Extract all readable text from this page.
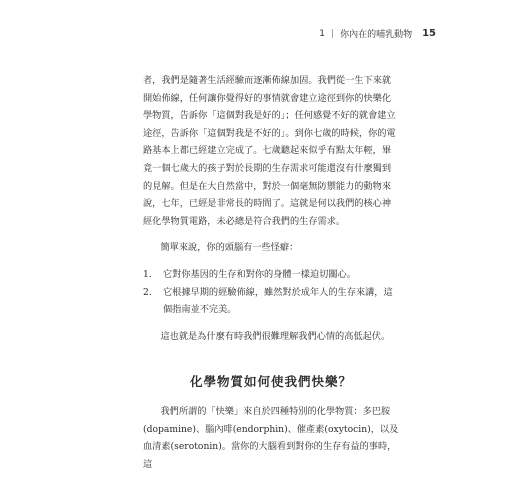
1 | 你內在的哺乳動物 15

者，我們是隨著生活經驗而逐漸佈線加固。我們從一生下來就開始佈線，任何讓你覺得好的事情就會建立途徑到你的快樂化學物質，告訴你「這個對我是好的」；任何感覺不好的就會建立途徑，告訴你「這個對我是不好的」。到你七歲的時候，你的電路基本上都已經建立完成了。七歲聽起來似乎有點太年輕，畢竟一個七歲大的孩子對於長期的生存需求可能還沒有什麼獨到的見解。但是在大自然當中，對於一個毫無防禦能力的動物來說，七年，已經是非常長的時間了。這就是何以我們的核心神經化學物質電路，未必總是符合我們的生存需求。

簡單來說，你的頭腦有一些怪癖：

1.	它對你基因的生存和對你的身體一樣迫切關心。
2.	它根據早期的經驗佈線，雖然對於成年人的生存來講，這個指南並不完美。

這也就是為什麼有時我們很難理解我們心情的高低起伏。

化學物質如何使我們快樂？

我們所謂的「快樂」來自於四種特別的化學物質：多巴胺(dopamine)、腦內啡(endorphin)、催產素(oxytocin)，以及血清素(serotonin)。當你的大腦看到對你的生存有益的事時，這
